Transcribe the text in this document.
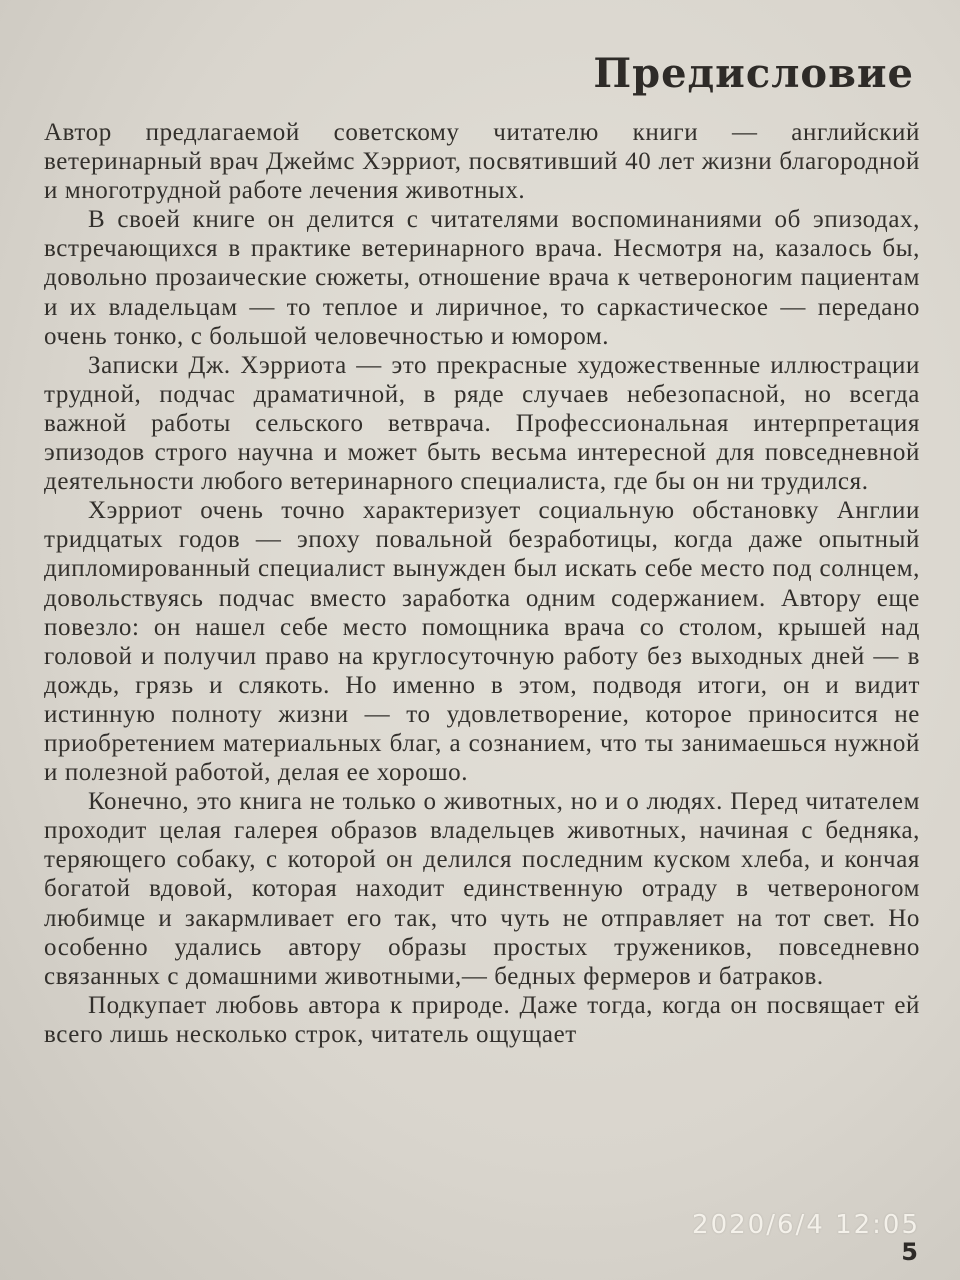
Предисловие

Автор предлагаемой советскому читателю книги — английский ветеринарный врач Джеймс Хэрриот, посвятивший 40 лет жизни благородной и многотрудной работе лечения животных.

В своей книге он делится с читателями воспоминаниями об эпизодах, встречающихся в практике ветеринарного врача. Несмотря на, казалось бы, довольно прозаические сюжеты, отношение врача к четвероногим пациентам и их владельцам — то теплое и лиричное, то саркастическое — передано очень тонко, с большой человечностью и юмором.

Записки Дж. Хэрриота — это прекрасные художественные иллюстрации трудной, подчас драматичной, в ряде случаев небезопасной, но всегда важной работы сельского ветврача. Профессиональная интерпретация эпизодов строго научна и может быть весьма интересной для повседневной деятельности любого ветеринарного специалиста, где бы он ни трудился.

Хэрриот очень точно характеризует социальную обстановку Англии тридцатых годов — эпоху повальной безработицы, когда даже опытный дипломированный специалист вынужден был искать себе место под солнцем, довольствуясь подчас вместо заработка одним содержанием. Автору еще повезло: он нашел себе место помощника врача со столом, крышей над головой и получил право на круглосуточную работу без выходных дней — в дождь, грязь и слякоть. Но именно в этом, подводя итоги, он и видит истинную полноту жизни — то удовлетворение, которое приносится не приобретением материальных благ, а сознанием, что ты занимаешься нужной и полезной работой, делая ее хорошо.

Конечно, это книга не только о животных, но и о людях. Перед читателем проходит целая галерея образов владельцев животных, начиная с бедняка, теряющего собаку, с которой он делился последним куском хлеба, и кончая богатой вдовой, которая находит единственную отраду в четвероногом любимце и закармливает его так, что чуть не отправляет на тот свет. Но особенно удались автору образы простых тружеников, повседневно связанных с домашними животными,— бедных фермеров и батраков.

Подкупает любовь автора к природе. Даже тогда, когда он посвящает ей всего лишь несколько строк, читатель ощущает

2020/6/4 12:05
5
